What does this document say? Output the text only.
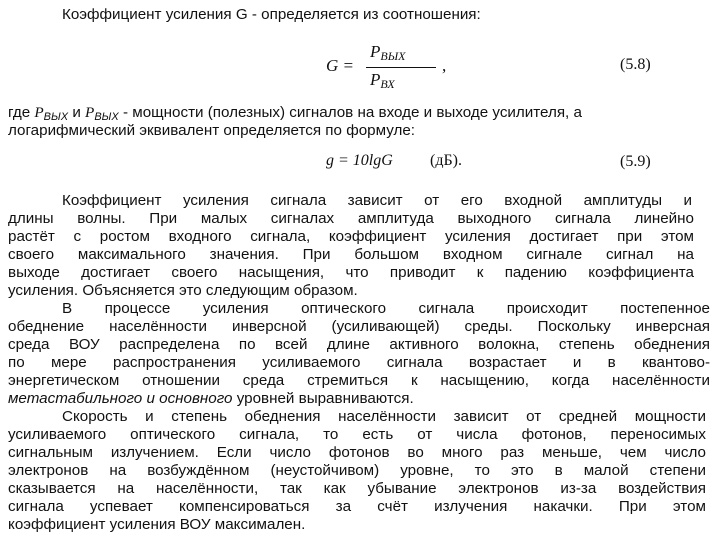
Коэффициент усиления G - определяется из соотношения:
G =
PВЫХ
PВХ
,	(5.8)
где PВЫХ и PВЫХ - мощности (полезных) сигналов на входе и выходе усилителя, а
логарифмический эквивалент определяется по формуле:
g = 10lgG (дБ).	(5.9)
Коэффициент усиления сигнала зависит от его входной амплитуды и
длины волны. При малых сигналах амплитуда выходного сигнала линейно
растёт с ростом входного сигнала, коэффициент усиления достигает при этом
своего максимального значения. При большом входном сигнале сигнал на
выходе достигает своего насыщения, что приводит к падению коэффициента
усиления. Объясняется это следующим образом.
В процессе усиления оптического сигнала происходит постепенное
обеднение населённости инверсной (усиливающей) среды. Поскольку инверсная
среда ВОУ распределена по всей длине активного волокна, степень обеднения
по мере распространения усиливаемого сигнала возрастает и в квантово-
энергетическом отношении среда стремиться к насыщению, когда населённости
метастабильного и основного уровней выравниваются.
Скорость и степень обеднения населённости зависит от средней мощности
усиливаемого оптического сигнала, то есть от числа фотонов, переносимых
сигнальным излучением. Если число фотонов во много раз меньше, чем число
электронов на возбуждённом (неустойчивом) уровне, то это в малой степени
сказывается на населённости, так как убывание электронов из-за воздействия
сигнала успевает компенсироваться за счёт излучения накачки. При этом
коэффициент усиления ВОУ максимален.
